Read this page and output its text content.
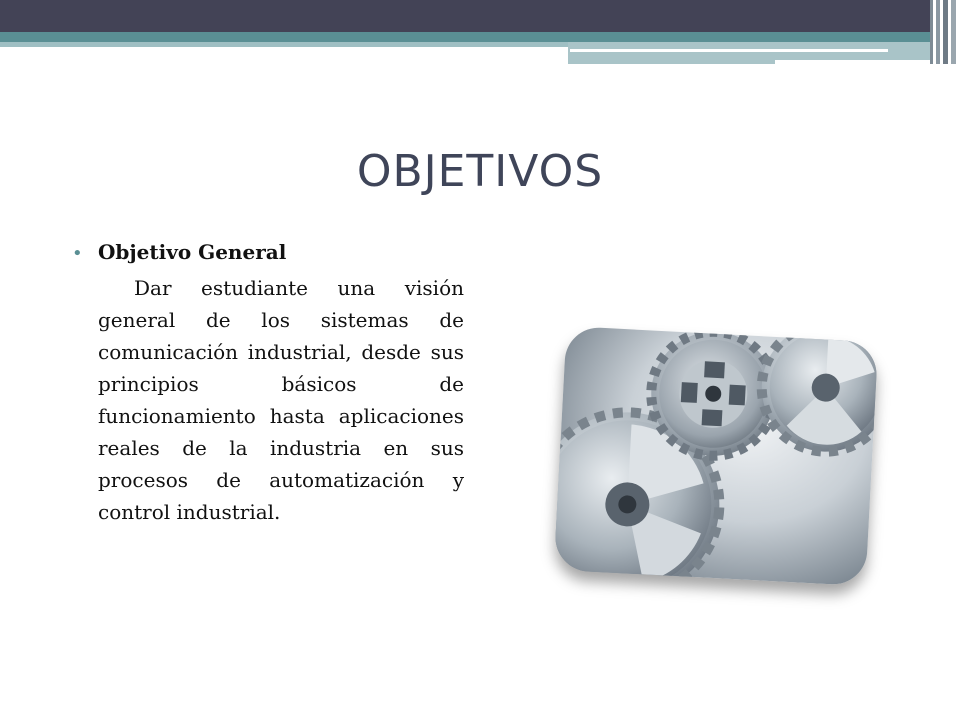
OBJETIVOS
• Objetivo General

Dar estudiante una visión general de los sistemas de comunicación industrial, desde sus principios básicos de funcionamiento hasta aplicaciones reales de la industria en sus procesos de automatización y control industrial.
